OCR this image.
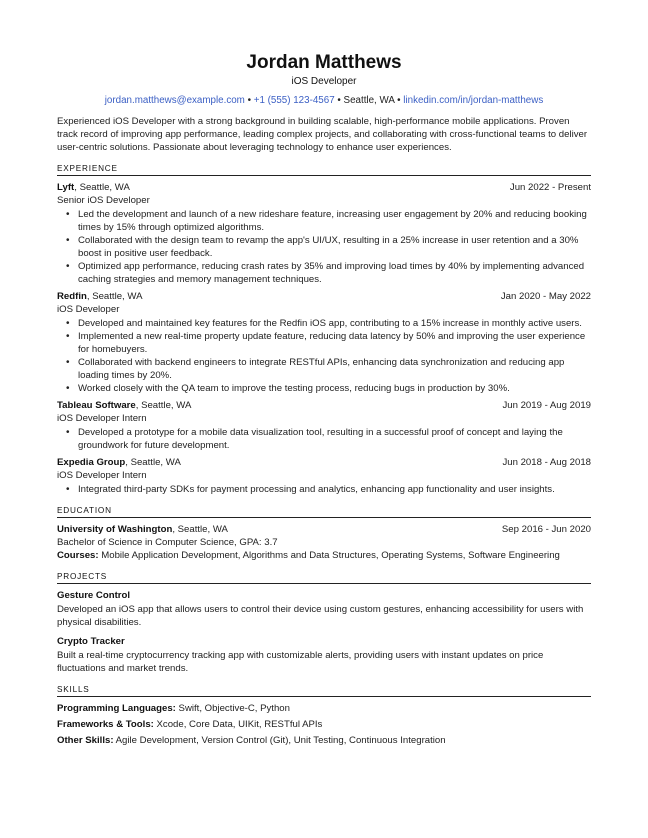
Jordan Matthews
iOS Developer
jordan.matthews@example.com • +1 (555) 123-4567 • Seattle, WA • linkedin.com/in/jordan-matthews

Experienced iOS Developer with a strong background in building scalable, high-performance mobile applications. Proven track record of improving app performance, leading complex projects, and collaborating with cross-functional teams to deliver user-centric solutions. Passionate about leveraging technology to enhance user experiences.

EXPERIENCE
Lyft, Seattle, WA	Jun 2022 - Present
Senior iOS Developer
• Led the development and launch of a new rideshare feature, increasing user engagement by 20% and reducing booking times by 15% through optimized algorithms.
• Collaborated with the design team to revamp the app's UI/UX, resulting in a 25% increase in user retention and a 30% boost in positive user feedback.
• Optimized app performance, reducing crash rates by 35% and improving load times by 40% by implementing advanced caching strategies and memory management techniques.
Redfin, Seattle, WA	Jan 2020 - May 2022
iOS Developer
• Developed and maintained key features for the Redfin iOS app, contributing to a 15% increase in monthly active users.
• Implemented a new real-time property update feature, reducing data latency by 50% and improving the user experience for homebuyers.
• Collaborated with backend engineers to integrate RESTful APIs, enhancing data synchronization and reducing app loading times by 20%.
• Worked closely with the QA team to improve the testing process, reducing bugs in production by 30%.
Tableau Software, Seattle, WA	Jun 2019 - Aug 2019
iOS Developer Intern
• Developed a prototype for a mobile data visualization tool, resulting in a successful proof of concept and laying the groundwork for future development.
Expedia Group, Seattle, WA	Jun 2018 - Aug 2018
iOS Developer Intern
• Integrated third-party SDKs for payment processing and analytics, enhancing app functionality and user insights.
EDUCATION
University of Washington, Seattle, WA	Sep 2016 - Jun 2020
Bachelor of Science in Computer Science, GPA: 3.7
Courses: Mobile Application Development, Algorithms and Data Structures, Operating Systems, Software Engineering
PROJECTS
Gesture Control
Developed an iOS app that allows users to control their device using custom gestures, enhancing accessibility for users with physical disabilities.
Crypto Tracker
Built a real-time cryptocurrency tracking app with customizable alerts, providing users with instant updates on price fluctuations and market trends.
SKILLS
Programming Languages: Swift, Objective-C, Python
Frameworks & Tools: Xcode, Core Data, UIKit, RESTful APIs
Other Skills: Agile Development, Version Control (Git), Unit Testing, Continuous Integration
